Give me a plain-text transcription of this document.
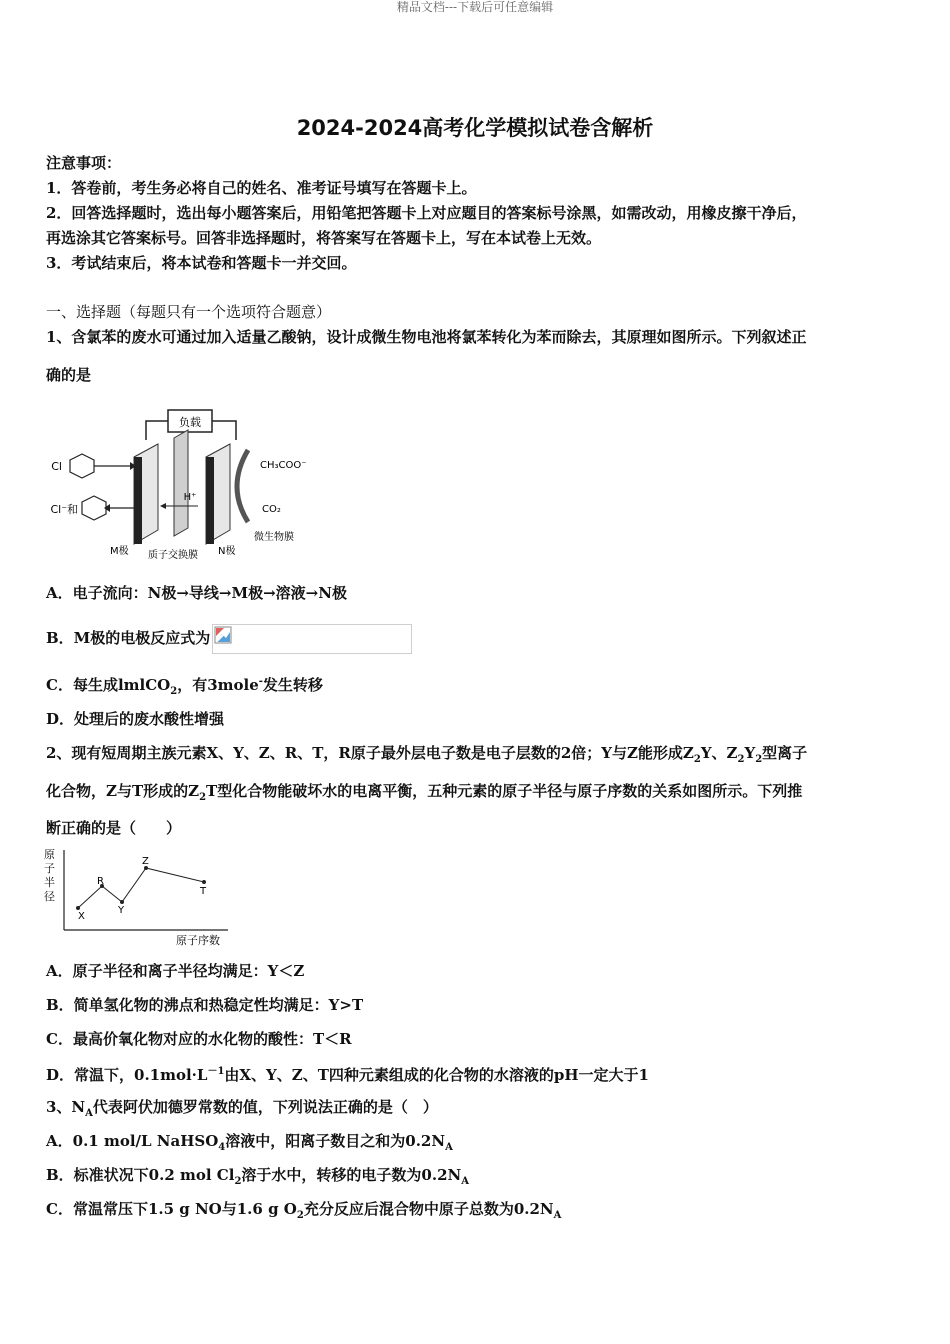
精品文档---下载后可任意编辑
2024-2024高考化学模拟试卷含解析
注意事项：
1．答卷前，考生务必将自己的姓名、准考证号填写在答题卡上。
2．回答选择题时，选出每小题答案后，用铅笔把答题卡上对应题目的答案标号涂黑，如需改动，用橡皮擦干净后，
再选涂其它答案标号。回答非选择题时，将答案写在答题卡上，写在本试卷上无效。
3．考试结束后，将本试卷和答题卡一并交回。
一、选择题（每题只有一个选项符合题意）
1、含氯苯的废水可通过加入适量乙酸钠，设计成微生物电池将氯苯转化为苯而除去，其原理如图所示。下列叙述正
确的是
负载
Cl
Cl⁻和
H⁺
CH₃COO⁻
CO₂
M极 质子交换膜 N极
微生物膜
A．电子流向：N极→导线→M极→溶液→N极
B．M极的电极反应式为
C．每生成lmlCO$_2$，有3mole-发生转移
D．处理后的废水酸性增强
2、现有短周期主族元素X、Y、Z、R、T，R原子最外层电子数是电子层数的2倍；Y与Z能形成$Z_2Y$、$Z_2Y_2$型离子
化合物，Z与T形成的$Z_2T$型化合物能破坏水的电离平衡，五种元素的原子半径与原子序数的关系如图所示。下列推
断正确的是（　　）
原
子
半
径
X
R
Y
Z
T
原子序数
A．原子半径和离子半径均满足：Y＜Z
B．简单氢化物的沸点和热稳定性均满足：Y>T
C．最高价氧化物对应的水化物的酸性：T＜R
D．常温下，$0.1mol\cdot L^{-1}$由X、Y、Z、T四种元素组成的化合物的水溶液的pH一定大于1
3、$N_A$代表阿伏加德罗常数的值，下列说法正确的是（　）
A．0.1 mol/L NaHSO$_4$溶液中，阳离子数目之和为$0.2N_A$
B．标准状况下0.2 mol $Cl_2$溶于水中，转移的电子数为$0.2N_A$
C．常温常压下1.5 g NO与1.6 g $O_2$充分反应后混合物中原子总数为$0.2N_A$
